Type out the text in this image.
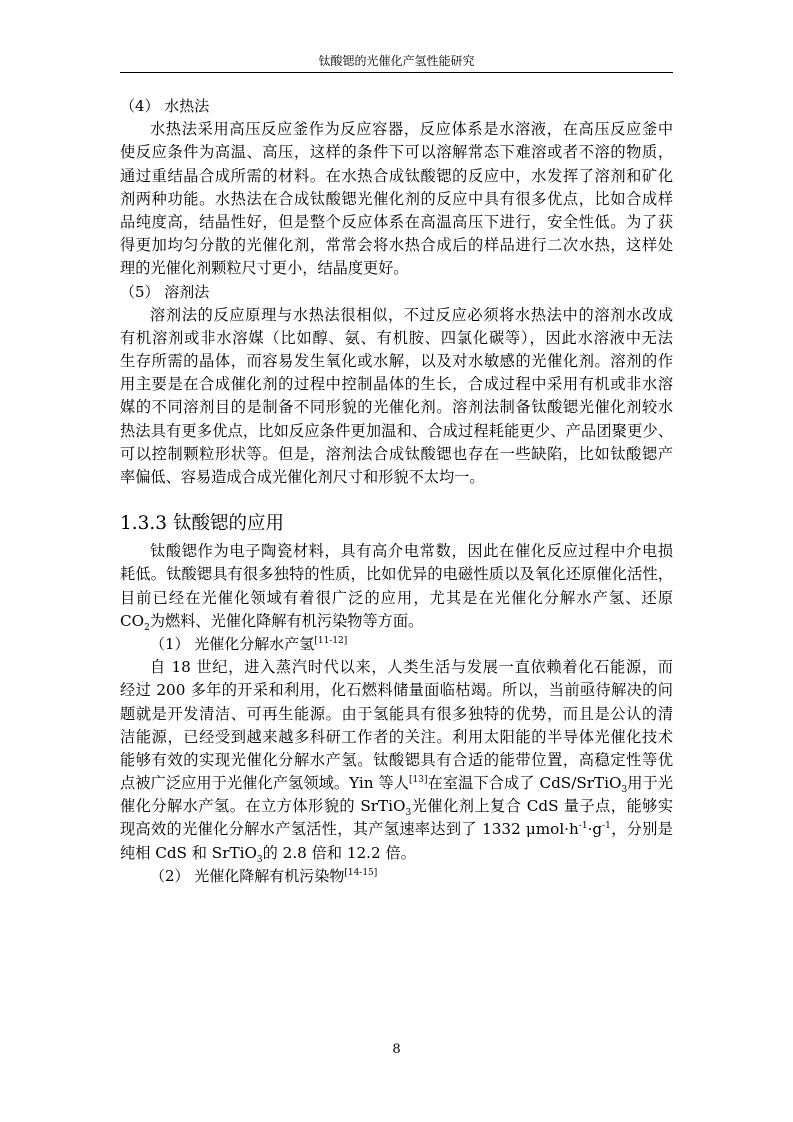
钛酸锶的光催化产氢性能研究
（4） 水热法
水热法采用高压反应釜作为反应容器，反应体系是水溶液，在高压反应釜中
使反应条件为高温、高压，这样的条件下可以溶解常态下难溶或者不溶的物质，
通过重结晶合成所需的材料。在水热合成钛酸锶的反应中，水发挥了溶剂和矿化
剂两种功能。水热法在合成钛酸锶光催化剂的反应中具有很多优点，比如合成样
品纯度高，结晶性好，但是整个反应体系在高温高压下进行，安全性低。为了获
得更加均匀分散的光催化剂，常常会将水热合成后的样品进行二次水热，这样处
理的光催化剂颗粒尺寸更小，结晶度更好。
（5） 溶剂法
溶剂法的反应原理与水热法很相似，不过反应必须将水热法中的溶剂水改成
有机溶剂或非水溶媒（比如醇、氨、有机胺、四氯化碳等），因此水溶液中无法
生存所需的晶体，而容易发生氧化或水解，以及对水敏感的光催化剂。溶剂的作
用主要是在合成催化剂的过程中控制晶体的生长，合成过程中采用有机或非水溶
媒的不同溶剂目的是制备不同形貌的光催化剂。溶剂法制备钛酸锶光催化剂较水
热法具有更多优点，比如反应条件更加温和、合成过程耗能更少、产品团聚更少、
可以控制颗粒形状等。但是，溶剂法合成钛酸锶也存在一些缺陷，比如钛酸锶产
率偏低、容易造成合成光催化剂尺寸和形貌不太均一。
1.3.3 钛酸锶的应用
钛酸锶作为电子陶瓷材料，具有高介电常数，因此在催化反应过程中介电损
耗低。钛酸锶具有很多独特的性质，比如优异的电磁性质以及氧化还原催化活性，
目前已经在光催化领域有着很广泛的应用，尤其是在光催化分解水产氢、还原
$CO_2$为燃料、光催化降解有机污染物等方面。
（1） 光催化分解水产氢[11-12]
自 18 世纪，进入蒸汽时代以来，人类生活与发展一直依赖着化石能源，而
经过 200 多年的开采和利用，化石燃料储量面临枯竭。所以，当前亟待解决的问
题就是开发清洁、可再生能源。由于氢能具有很多独特的优势，而且是公认的清
洁能源，已经受到越来越多科研工作者的关注。利用太阳能的半导体光催化技术
能够有效的实现光催化分解水产氢。钛酸锶具有合适的能带位置，高稳定性等优
点被广泛应用于光催化产氢领域。Yin 等人[13]在室温下合成了 CdS/SrTiO$_3$用于光
催化分解水产氢。在立方体形貌的 SrTiO$_3$光催化剂上复合 CdS 量子点，能够实
现高效的光催化分解水产氢活性，其产氢速率达到了 1332 $\mu mol\cdot h^{-1}\cdot g^{-1}$，分别是
纯相 CdS 和 SrTiO$_3$的 2.8 倍和 12.2 倍。
（2） 光催化降解有机污染物[14-15]
8
